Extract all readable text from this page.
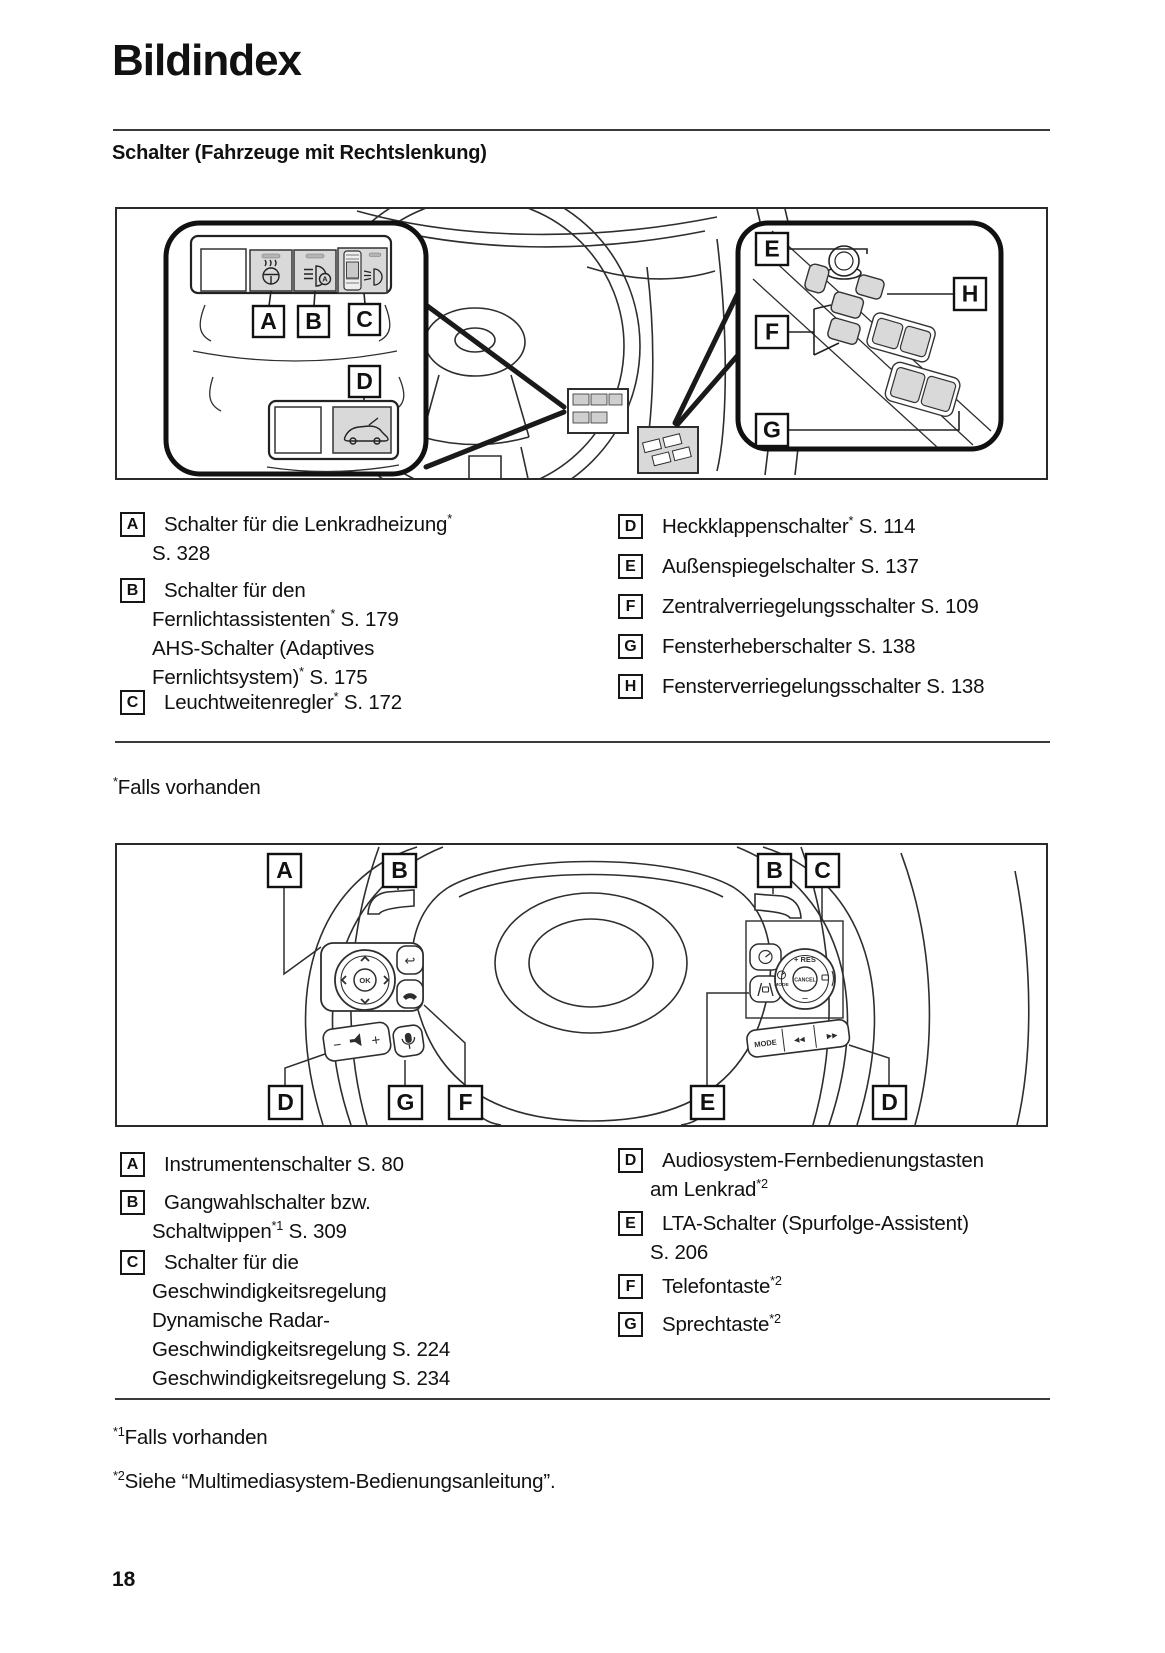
Bildindex
Schalter (Fahrzeuge mit Rechtslenkung)
A
A B C
D
E
H
F
G
A	Schalter für die Lenkradheizung*
S. 328
B	Schalter für den
Fernlichtassistenten* S. 179
AHS-Schalter (Adaptives
Fernlichtsystem)* S. 175
C	Leuchtweitenregler* S. 172
D	Heckklappenschalter* S. 114
E	Außenspiegelschalter S. 137
F	Zentralverriegelungsschalter S. 109
G	Fensterheberschalter S. 138
H	Fensterverriegelungsschalter S. 138
*Falls vorhanden
OK
↩
− +
+ RES
CANCEL
−
MODE
MODE ◀◀	▶▶
A	B	B C
D	G F	E	D
A	Instrumentenschalter S. 80
B	Gangwahlschalter bzw.
Schaltwippen$^{*1}$ S. 309
C	Schalter für die
Geschwindigkeitsregelung
Dynamische Radar-
Geschwindigkeitsregelung S. 224
Geschwindigkeitsregelung S. 234
D	Audiosystem-Fernbedienungstasten
am Lenkrad$^{*2}$
E	LTA-Schalter (Spurfolge-Assistent)
S. 206
F	Telefontaste$^{*2}$
G	Sprechtaste$^{*2}$
$^{*1}$Falls vorhanden
$^{*2}$Siehe “Multimediasystem-Bedienungsanleitung”.
18
